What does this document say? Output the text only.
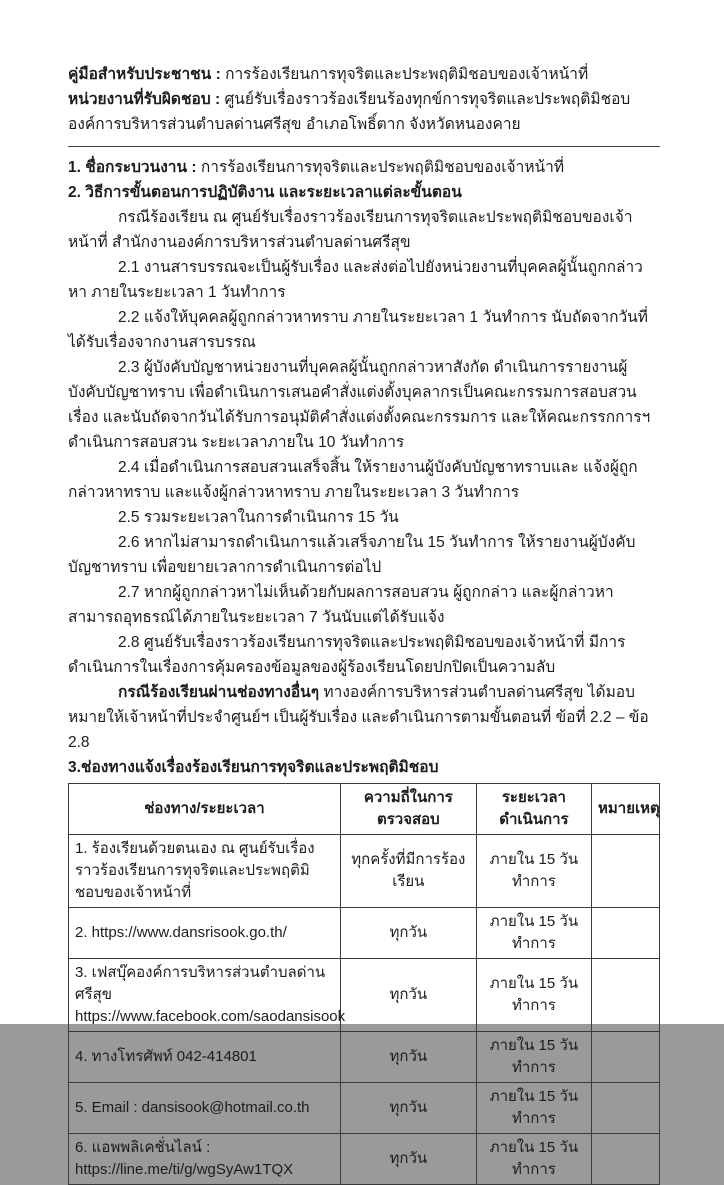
คู่มือสำหรับประชาชน : การร้องเรียนการทุจริตและประพฤติมิชอบของเจ้าหน้าที่

หน่วยงานที่รับผิดชอบ : ศูนย์รับเรื่องราวร้องเรียนร้องทุกข์การทุจริตและประพฤติมิชอบ องค์การบริหารส่วนตำบลด่านศรีสุข อำเภอโพธิ์ตาก จังหวัดหนองคาย

1. ชื่อกระบวนงาน : การร้องเรียนการทุจริตและประพฤติมิชอบของเจ้าหน้าที่

2. วิธีการขั้นตอนการปฏิบัติงาน และระยะเวลาแต่ละขั้นตอน

กรณีร้องเรียน ณ ศูนย์รับเรื่องราวร้องเรียนการทุจริตและประพฤติมิชอบของเจ้าหน้าที่ สำนักงานองค์การบริหารส่วนตำบลด่านศรีสุข

2.1 งานสารบรรณจะเป็นผู้รับเรื่อง และส่งต่อไปยังหน่วยงานที่บุคคลผู้นั้นถูกกล่าวหา ภายในระยะเวลา 1 วันทำการ

2.2 แจ้งให้บุคคลผู้ถูกกล่าวหาทราบ ภายในระยะเวลา 1 วันทำการ นับถัดจากวันที่ได้รับเรื่องจากงานสารบรรณ

2.3 ผู้บังคับบัญชาหน่วยงานที่บุคคลผู้นั้นถูกกล่าวหาสังกัด ดำเนินการรายงานผู้บังคับบัญชาทราบ เพื่อดำเนินการเสนอคำสั่งแต่งตั้งบุคลากรเป็นคณะกรรมการสอบสวนเรื่อง และนับถัดจากวันได้รับการอนุมัติคำสั่งแต่งตั้งคณะกรรมการ และให้คณะกรรกการฯ ดำเนินการสอบสวน ระยะเวลาภายใน 10 วันทำการ

2.4 เมื่อดำเนินการสอบสวนเสร็จสิ้น ให้รายงานผู้บังคับบัญชาทราบและ แจ้งผู้ถูกกล่าวหาทราบ และแจ้งผู้กล่าวหาทราบ ภายในระยะเวลา 3 วันทำการ

2.5 รวมระยะเวลาในการดำเนินการ 15 วัน

2.6 หากไม่สามารถดำเนินการแล้วเสร็จภายใน 15 วันทำการ ให้รายงานผู้บังคับบัญชาทราบ เพื่อขยายเวลาการดำเนินการต่อไป

2.7 หากผู้ถูกกล่าวหาไม่เห็นด้วยกับผลการสอบสวน ผู้ถูกกล่าว และผู้กล่าวหา สามารถอุทธรณ์ได้ภายในระยะเวลา 7 วันนับแต่ได้รับแจ้ง

2.8 ศูนย์รับเรื่องราวร้องเรียนการทุจริตและประพฤติมิชอบของเจ้าหน้าที่ มีการดำเนินการในเรื่องการคุ้มครองข้อมูลของผู้ร้องเรียนโดยปกปิดเป็นความลับ

กรณีร้องเรียนผ่านช่องทางอื่นๆ ทางองค์การบริหารส่วนตำบลด่านศรีสุข ได้มอบหมายให้เจ้าหน้าที่ประจำศูนย์ฯ เป็นผู้รับเรื่อง และดำเนินการตามขั้นตอนที่ ข้อที่ 2.2 – ข้อ 2.8

3.ช่องทางแจ้งเรื่องร้องเรียนการทุจริตและประพฤติมิชอบ

ช่องทาง/ระยะเวลา	ความถี่ในการตรวจสอบ	ระยะเวลาดำเนินการ	หมายเหตุ
1. ร้องเรียนด้วยตนเอง ณ ศูนย์รับเรื่องราวร้องเรียนการทุจริตและประพฤติมิชอบของเจ้าหน้าที่	ทุกครั้งที่มีการร้องเรียน	ภายใน 15 วันทำการ	
2. https://www.dansrisook.go.th/	ทุกวัน	ภายใน 15 วันทำการ	

3. เฟสบุ๊คองค์การบริหารส่วนตำบลด่านศรีสุข
https://www.facebook.com/saodansisook	ทุกวัน	ภายใน 15 วันทำการ	
4. ทางโทรศัพท์ 042-414801	ทุกวัน	ภายใน 15 วันทำการ	
5. Email : dansisook@hotmail.co.th	ทุกวัน	ภายใน 15 วันทำการ	

6. แอพพลิเคชั่นไลน์ :
https://line.me/ti/g/wgSyAw1TQX	ทุกวัน	ภายใน 15 วันทำการ	
